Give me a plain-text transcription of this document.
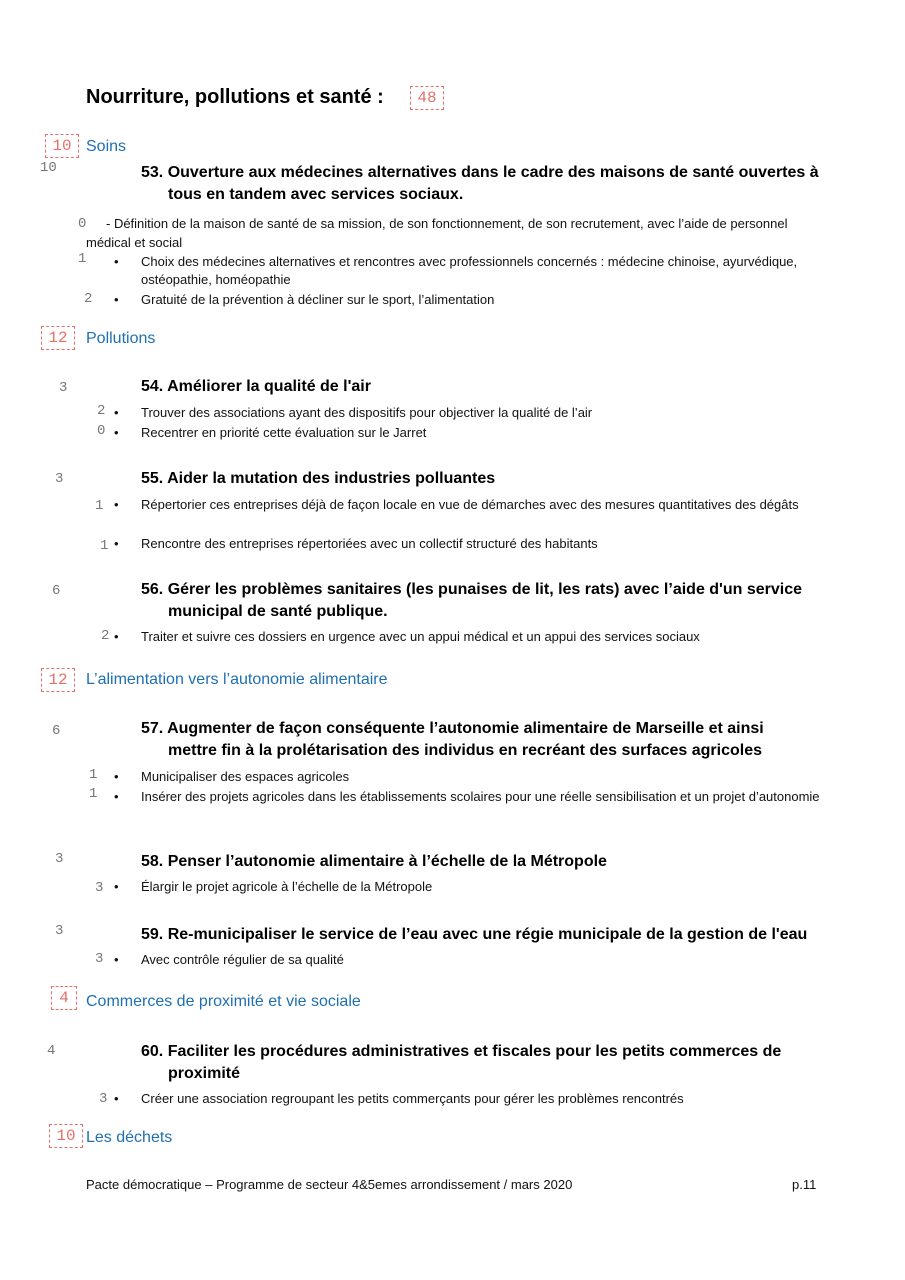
Nourriture, pollutions et santé :	48
10 Soins
10	53. Ouverture aux médecines alternatives dans le cadre des maisons de santé ouvertes à
tous en tandem avec services sociaux.
0	- Définition de la maison de santé de sa mission, de son fonctionnement, de son recrutement, avec l’aide de personnel médical et social
1 • Choix des médecines alternatives et rencontres avec professionnels concernés : médecine chinoise, ayurvédique, ostéopathie, homéopathie
2 • Gratuité de la prévention à décliner sur le sport, l’alimentation
12	Pollutions
3	54. Améliorer la qualité de l'air
2 • Trouver des associations ayant des dispositifs pour objectiver la qualité de l’air
0 • Recentrer en priorité cette évaluation sur le Jarret
3	55. Aider la mutation des industries polluantes
1 • Répertorier ces entreprises déjà de façon locale en vue de démarches avec des mesures quantitatives des dégâts
1 • Rencontre des entreprises répertoriées avec un collectif structuré des habitants
6	56. Gérer les problèmes sanitaires (les punaises de lit, les rats) avec l’aide d'un service
municipal de santé publique.
2 • Traiter et suivre ces dossiers en urgence avec un appui médical et un appui des services sociaux
12	L’alimentation vers l’autonomie alimentaire
6	57. Augmenter de façon conséquente l’autonomie alimentaire de Marseille et ainsi
mettre fin à la prolétarisation des individus en recréant des surfaces agricoles
1 • Municipaliser des espaces agricoles
1 • Insérer des projets agricoles dans les établissements scolaires pour une réelle sensibilisation et un projet d’autonomie
3	58. Penser l’autonomie alimentaire à l’échelle de la Métropole
3 • Élargir le projet agricole à l’échelle de la Métropole
3	59. Re-municipaliser le service de l’eau avec une régie municipale de la gestion de l'eau
3 • Avec contrôle régulier de sa qualité
4	Commerces de proximité et vie sociale
4	60. Faciliter les procédures administratives et fiscales pour les petits commerces de
proximité
3 • Créer une association regroupant les petits commerçants pour gérer les problèmes rencontrés
10 Les déchets
Pacte démocratique – Programme de secteur 4&5emes arrondissement / mars 2020	p.11
